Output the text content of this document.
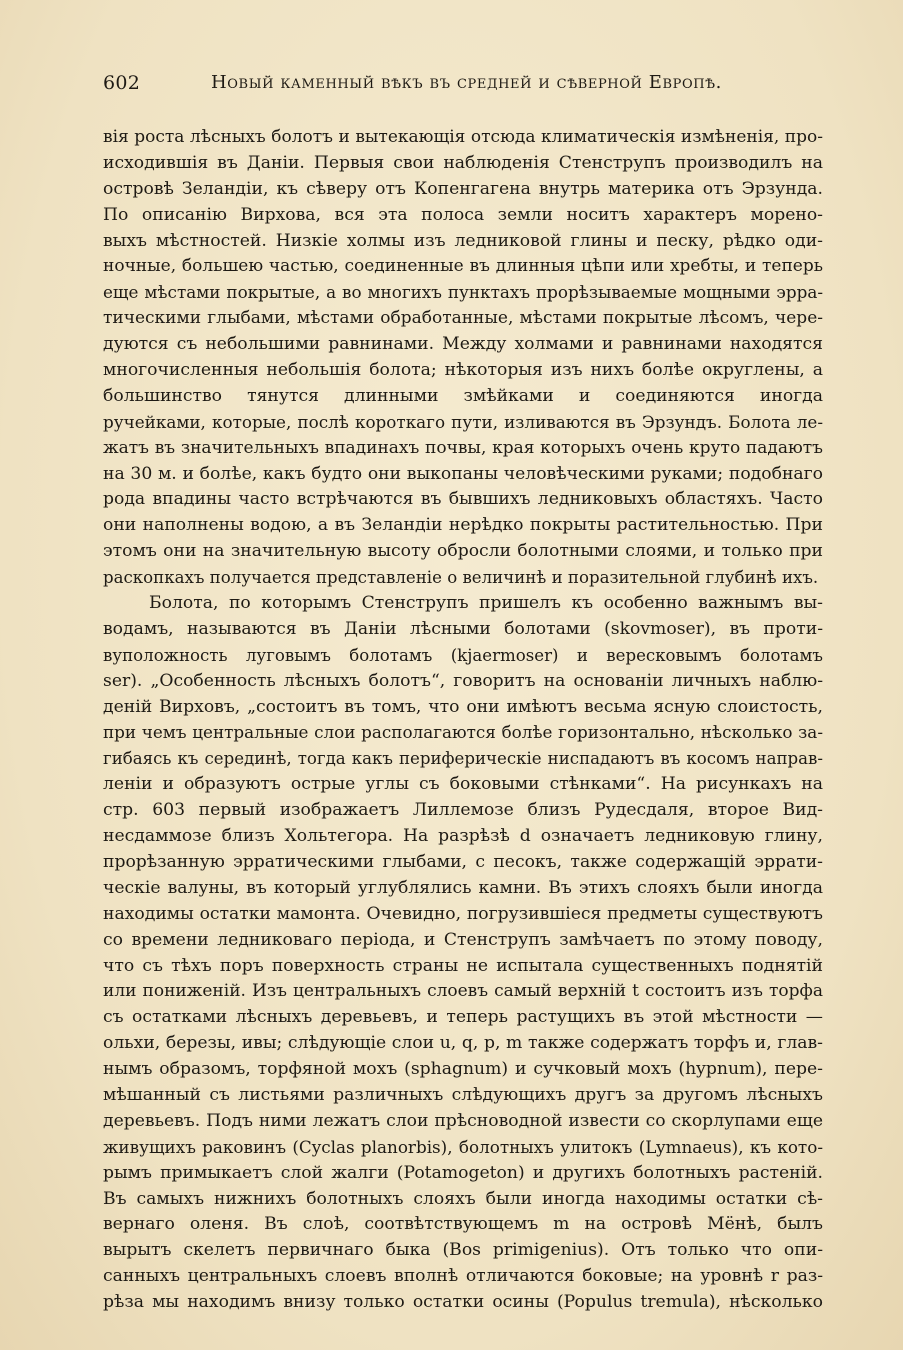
602	Новый каменный вѣкъ въ средней и сѣверной Европѣ.
вія роста лѣсныхъ болотъ и вытекающія отсюда климатическія измѣненія, про-
исходившія въ Даніи. Первыя свои наблюденія Стенструпъ производилъ на
островѣ Зеландіи, къ сѣверу отъ Копенгагена внутрь материка отъ Эрзунда.
По описанію Вирхова, вся эта полоса земли носитъ характеръ морено-
выхъ мѣстностей. Низкіе холмы изъ ледниковой глины и песку, рѣдко оди-
ночные, большею частью, соединенные въ длинныя цѣпи или хребты, и теперь
еще мѣстами покрытые, а во многихъ пунктахъ прорѣзываемые мощными эрра-
тическими глыбами, мѣстами обработанные, мѣстами покрытые лѣсомъ, чере-
дуются съ небольшими равнинами. Между холмами и равнинами находятся
многочисленныя небольшія болота; нѣкоторыя изъ нихъ болѣе округлены, а
большинство тянутся длинными змѣйками и соединяются иногда
ручейками, которые, послѣ короткаго пути, изливаются въ Эрзундъ. Болота ле-
жатъ въ значительныхъ впадинахъ почвы, края которыхъ очень круто падаютъ
на 30 м. и болѣе, какъ будто они выкопаны человѣческими руками; подобнаго
рода впадины часто встрѣчаются въ бывшихъ ледниковыхъ областяхъ. Часто
они наполнены водою, а въ Зеландіи нерѣдко покрыты растительностью. При
этомъ они на значительную высоту обросли болотными слоями, и только при
раскопкахъ получается представленіе о величинѣ и поразительной глубинѣ ихъ.
Болота, по которымъ Стенструпъ пришелъ къ особенно важнымъ вы-
водамъ, называются въ Даніи лѣсными болотами (skovmoser), въ проти-
вуположность луговымъ болотамъ (kjaermoser) и вересковымъ болотамъ
ser). „Особенность лѣсныхъ болотъ“, говоритъ на основаніи личныхъ наблю-
деній Вирховъ, „состоитъ въ томъ, что они имѣютъ весьма ясную слоистость,
при чемъ центральные слои располагаются болѣе горизонтально, нѣсколько за-
гибаясь къ серединѣ, тогда какъ периферическіе ниспадаютъ въ косомъ направ-
леніи и образуютъ острые углы съ боковыми стѣнками“. На рисункахъ на
стр. 603 первый изображаетъ Лиллемозе близъ Рудесдаля, второе Вид-
несдаммозе близъ Хольтегора. На разрѣзѣ d означаетъ ледниковую глину,
прорѣзанную эрратическими глыбами, c песокъ, также содержащій эррати-
ческіе валуны, въ который углублялись камни. Въ этихъ слояхъ были иногда
находимы остатки мамонта. Очевидно, погрузившіеся предметы существуютъ
со времени ледниковаго періода, и Стенструпъ замѣчаетъ по этому поводу,
что съ тѣхъ поръ поверхность страны не испытала существенныхъ поднятій
или пониженій. Изъ центральныхъ слоевъ самый верхній t состоитъ изъ торфа
съ остатками лѣсныхъ деревьевъ, и теперь растущихъ въ этой мѣстности —
ольхи, березы, ивы; слѣдующіе слои u, q, p, m также содержатъ торфъ и, глав-
нымъ образомъ, торфяной мохъ (sphagnum) и сучковый мохъ (hypnum), пере-
мѣшанный съ листьями различныхъ слѣдующихъ другъ за другомъ лѣсныхъ
деревьевъ. Подъ ними лежатъ слои прѣсноводной извести со скорлупами еще
живущихъ раковинъ (Cyclas planorbis), болотныхъ улитокъ (Lymnaeus), къ кото-
рымъ примыкаетъ слой жалги (Potamogeton) и другихъ болотныхъ растеній.
Въ самыхъ нижнихъ болотныхъ слояхъ были иногда находимы остатки сѣ-
вернаго оленя. Въ слоѣ, соотвѣтствующемъ m на островѣ Мёнѣ, былъ
вырытъ скелетъ первичнаго быка (Bos primigenius). Отъ только что опи-
санныхъ центральныхъ слоевъ вполнѣ отличаются боковые; на уровнѣ r раз-
рѣза мы находимъ внизу только остатки осины (Populus tremula), нѣсколько
